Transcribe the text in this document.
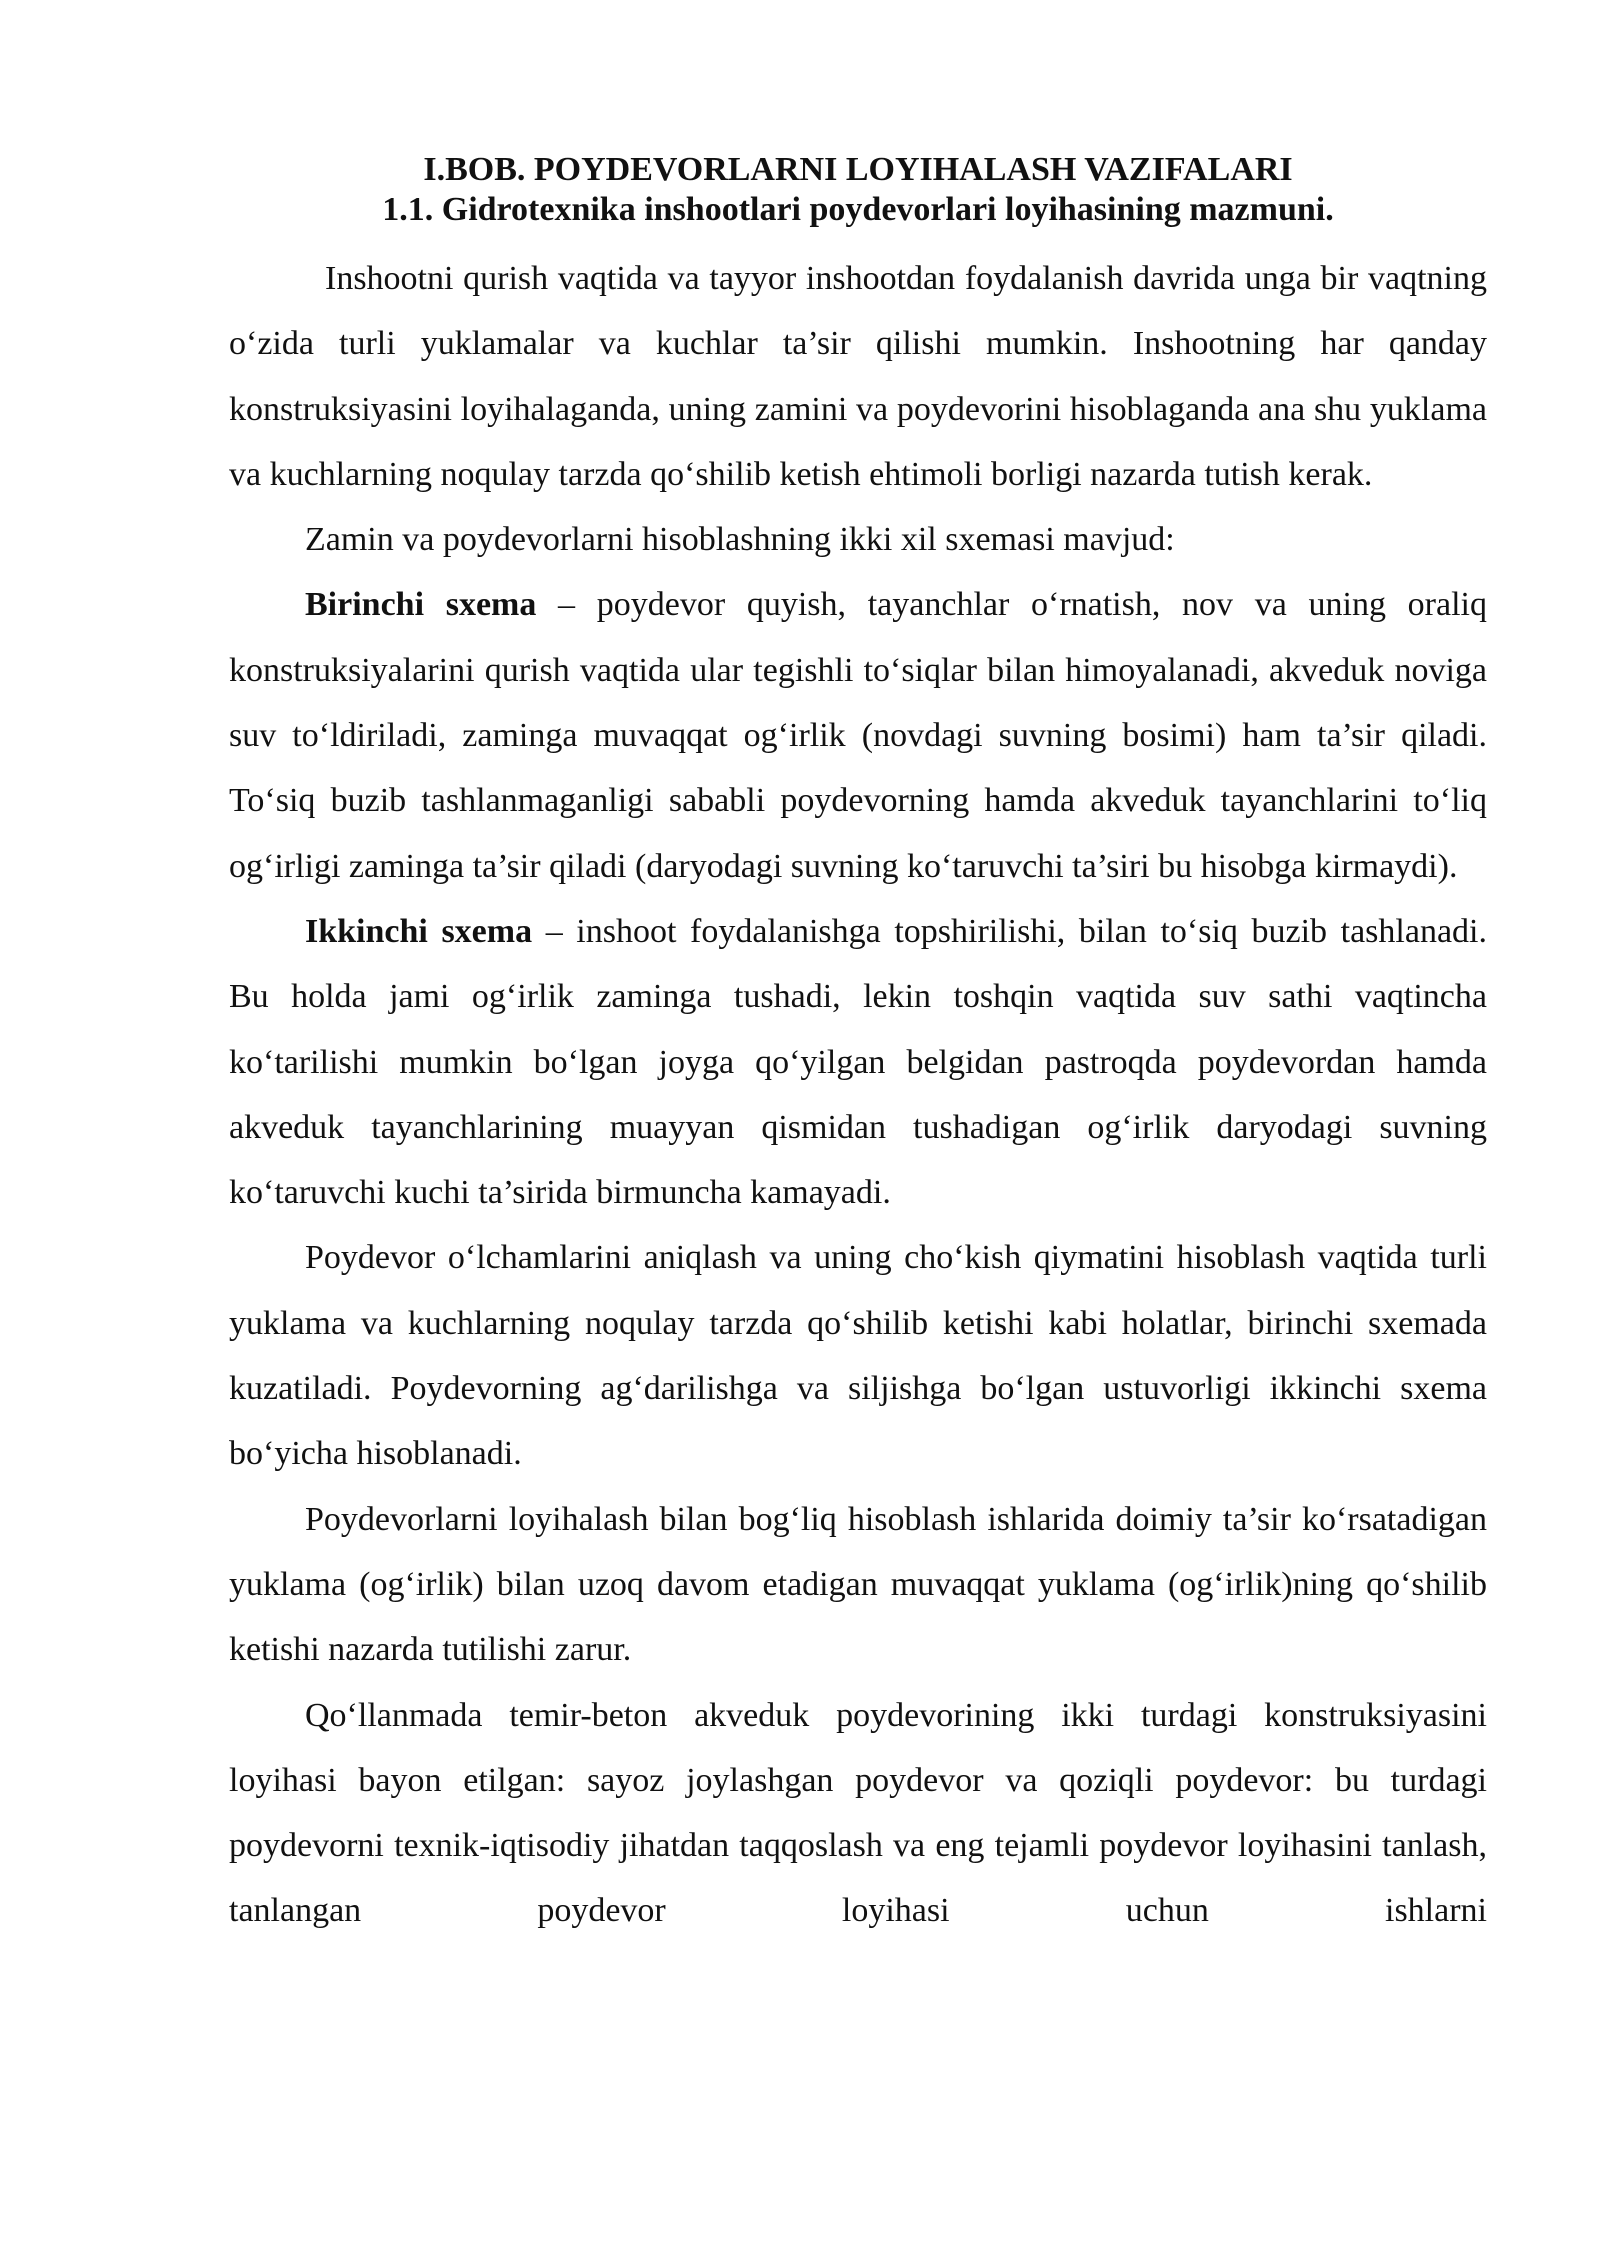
I.BOB. POYDEVORLARNI LOYIHALASH VAZIFALARI
1.1. Gidrotexnika inshootlari poydevorlari loyihasining mazmuni.

Inshootni qurish vaqtida va tayyor inshootdan foydalanish davrida unga bir vaqtning o‘zida turli yuklamalar va kuchlar ta’sir qilishi mumkin. Inshootning har qanday konstruksiyasini loyihalaganda, uning zamini va poydevorini hisoblaganda ana shu yuklama va kuchlarning noqulay tarzda qo‘shilib ketish ehtimoli borligi nazarda tutish kerak.

Zamin va poydevorlarni hisoblashning ikki xil sxemasi mavjud:

Birinchi sxema – poydevor quyish, tayanchlar o‘rnatish, nov va uning oraliq konstruksiyalarini qurish vaqtida ular tegishli to‘siqlar bilan himoyalanadi, akveduk noviga suv to‘ldiriladi, zaminga muvaqqat og‘irlik (novdagi suvning bosimi) ham ta’sir qiladi. To‘siq buzib tashlanmaganligi sababli poydevorning hamda akveduk tayanchlarini to‘liq og‘irligi zaminga ta’sir qiladi (daryodagi suvning ko‘taruvchi ta’siri bu hisobga kirmaydi).

Ikkinchi sxema – inshoot foydalanishga topshirilishi, bilan to‘siq buzib tashlanadi. Bu holda jami og‘irlik zaminga tushadi, lekin toshqin vaqtida suv sathi vaqtincha ko‘tarilishi mumkin bo‘lgan joyga qo‘yilgan belgidan pastroqda poydevordan hamda akveduk tayanchlarining muayyan qismidan tushadigan og‘irlik daryodagi suvning ko‘taruvchi kuchi ta’sirida birmuncha kamayadi.

Poydevor o‘lchamlarini aniqlash va uning cho‘kish qiymatini hisoblash vaqtida turli yuklama va kuchlarning noqulay tarzda qo‘shilib ketishi kabi holatlar, birinchi sxemada kuzatiladi. Poydevorning ag‘darilishga va siljishga bo‘lgan ustuvorligi ikkinchi sxema bo‘yicha hisoblanadi.

Poydevorlarni loyihalash bilan bog‘liq hisoblash ishlarida doimiy ta’sir ko‘rsatadigan yuklama (og‘irlik) bilan uzoq davom etadigan muvaqqat yuklama (og‘irlik)ning qo‘shilib ketishi nazarda tutilishi zarur.

Qo‘llanmada temir-beton akveduk poydevorining ikki turdagi konstruksiyasini loyihasi bayon etilgan: sayoz joylashgan poydevor va qoziqli poydevor: bu turdagi poydevorni texnik-iqtisodiy jihatdan taqqoslash va eng tejamli poydevor loyihasini tanlash, tanlangan poydevor loyihasi uchun ishlarni
